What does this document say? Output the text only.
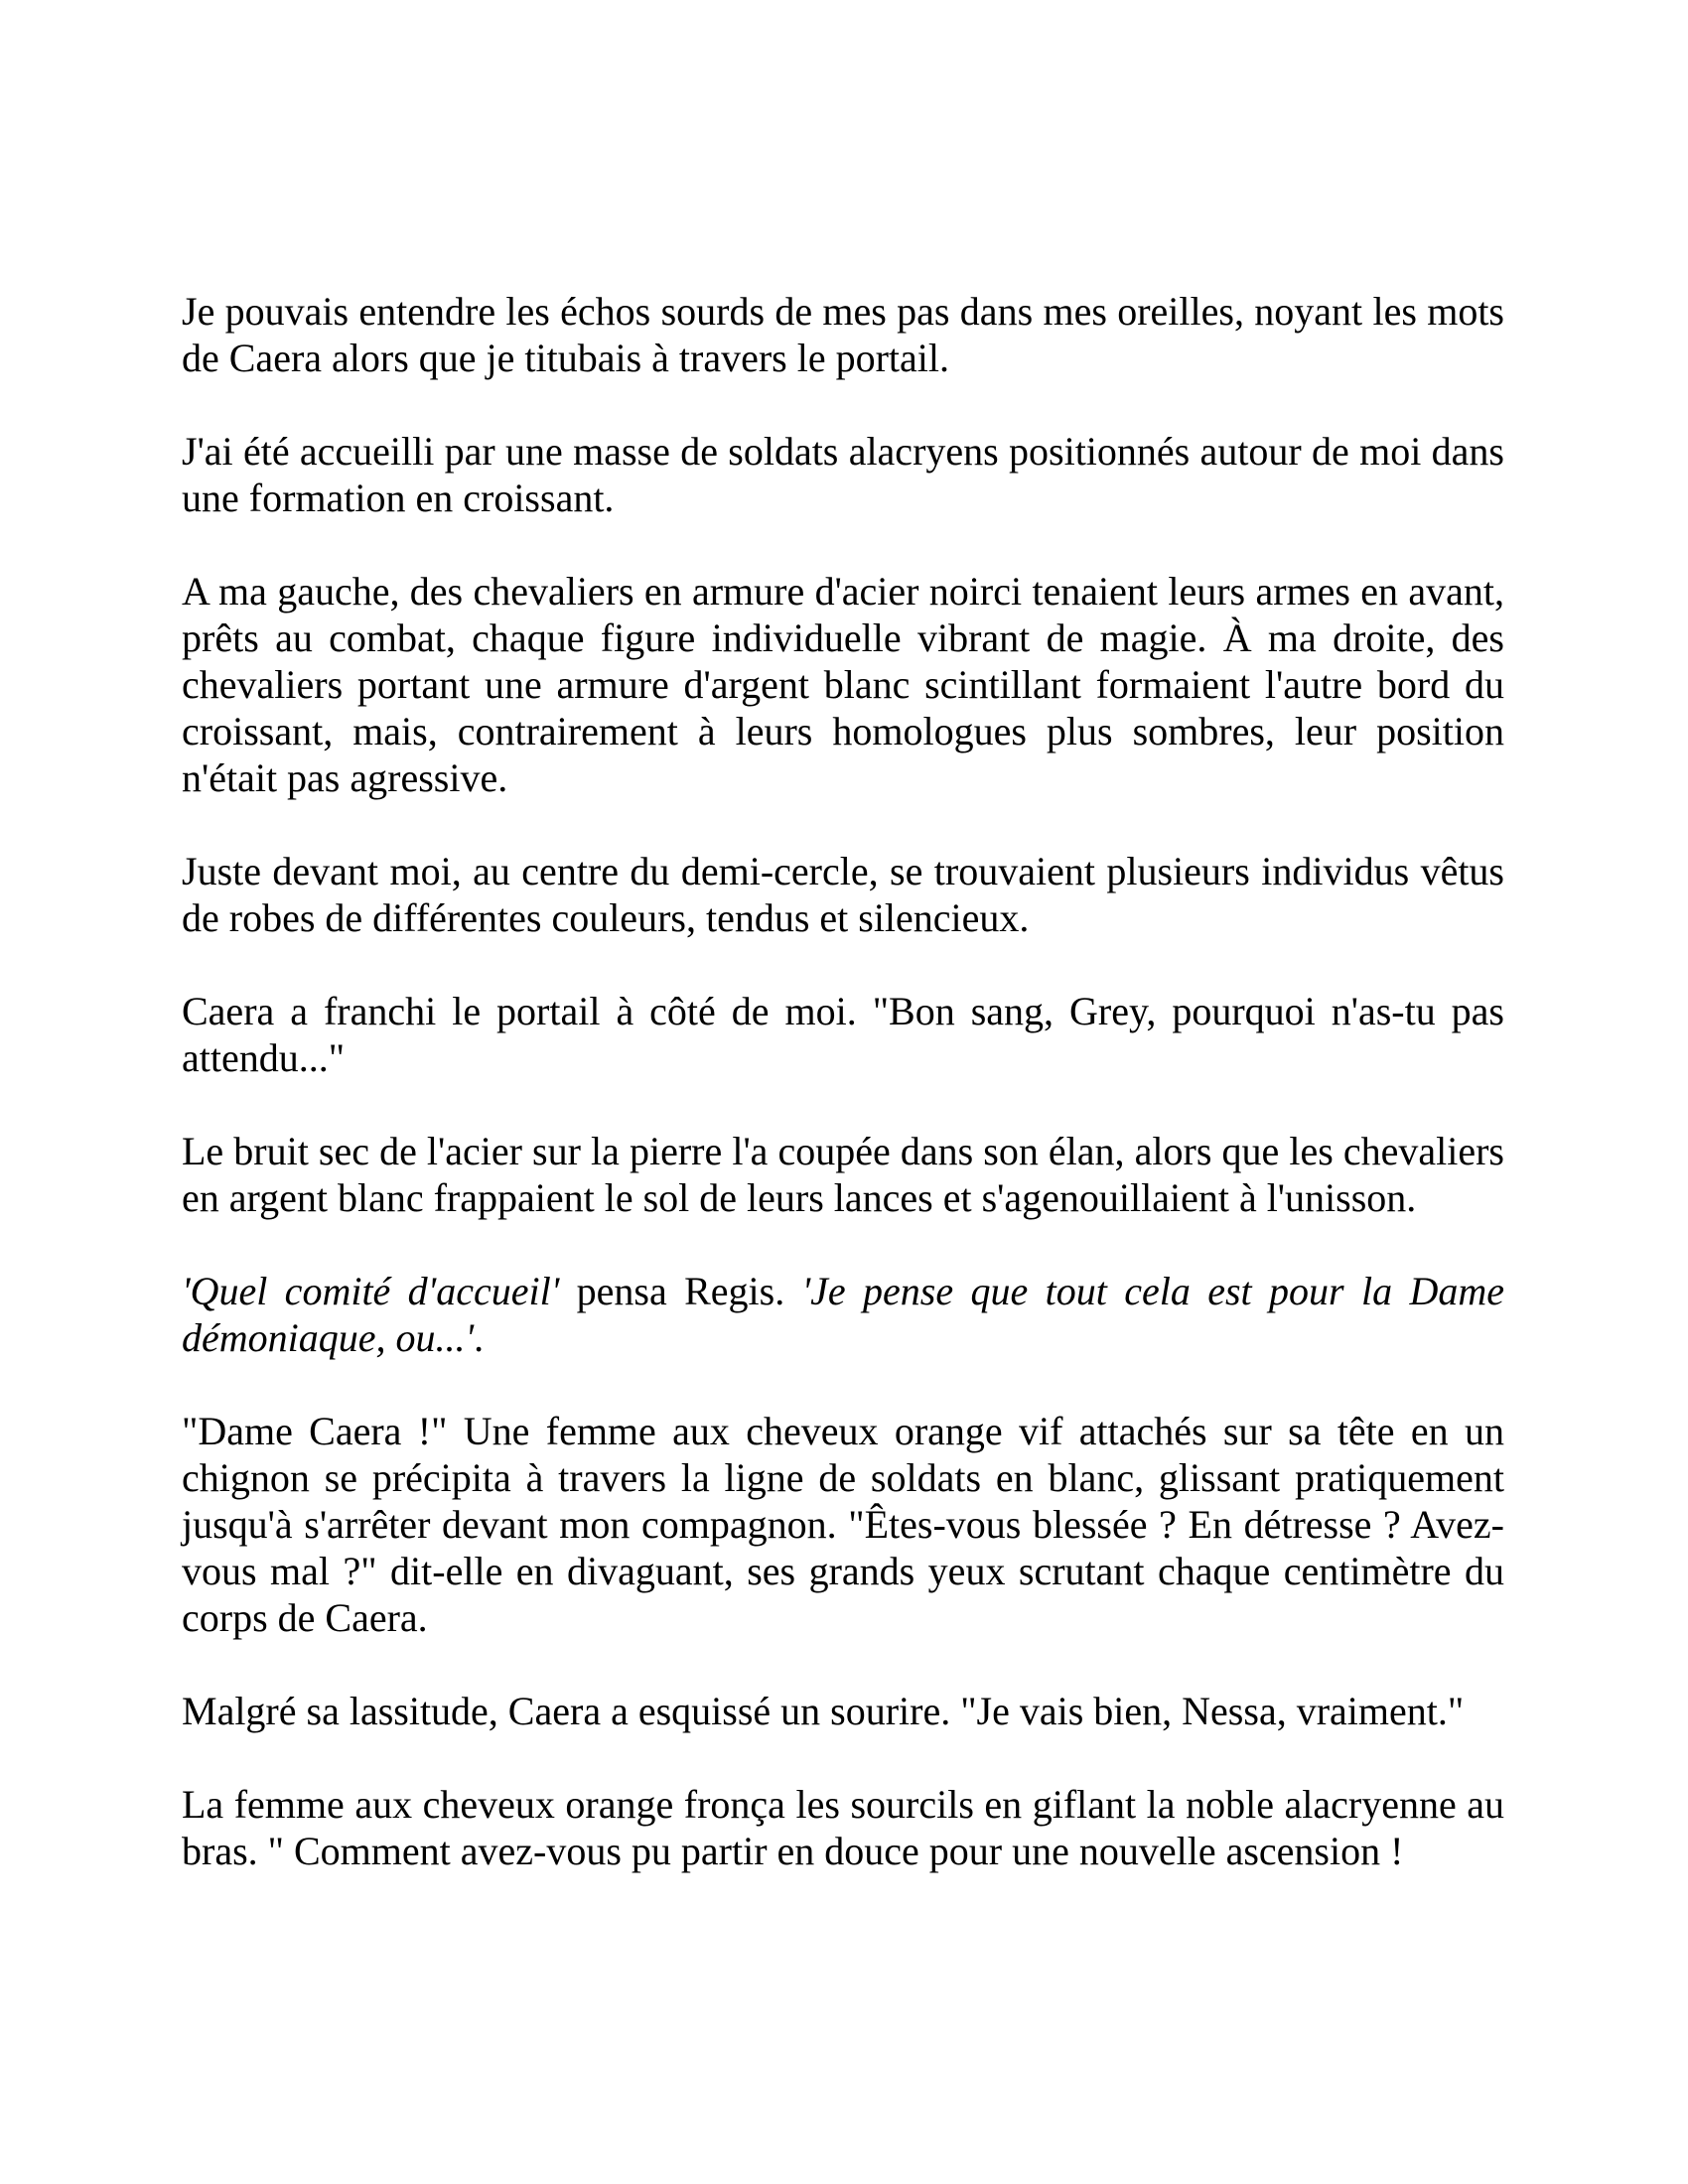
Je pouvais entendre les échos sourds de mes pas dans mes oreilles, noyant les mots de Caera alors que je titubais à travers le portail.

J'ai été accueilli par une masse de soldats alacryens positionnés autour de moi dans une formation en croissant.

A ma gauche, des chevaliers en armure d'acier noirci tenaient leurs armes en avant, prêts au combat, chaque figure individuelle vibrant de magie. À ma droite, des chevaliers portant une armure d'argent blanc scintillant formaient l'autre bord du croissant, mais, contrairement à leurs homologues plus sombres, leur position n'était pas agressive.

Juste devant moi, au centre du demi-cercle, se trouvaient plusieurs individus vêtus de robes de différentes couleurs, tendus et silencieux.

Caera a franchi le portail à côté de moi. "Bon sang, Grey, pourquoi n'as-tu pas attendu..."

Le bruit sec de l'acier sur la pierre l'a coupée dans son élan, alors que les chevaliers en argent blanc frappaient le sol de leurs lances et s'agenouillaient à l'unisson.

'Quel comité d'accueil' pensa Regis. 'Je pense que tout cela est pour la Dame démoniaque, ou...'.

"Dame Caera !" Une femme aux cheveux orange vif attachés sur sa tête en un chignon se précipita à travers la ligne de soldats en blanc, glissant pratiquement jusqu'à s'arrêter devant mon compagnon. "Êtes-vous blessée ? En détresse ? Avez-vous mal ?" dit-elle en divaguant, ses grands yeux scrutant chaque centimètre du corps de Caera.

Malgré sa lassitude, Caera a esquissé un sourire. "Je vais bien, Nessa, vraiment."

La femme aux cheveux orange fronça les sourcils en giflant la noble alacryenne au bras. " Comment avez-vous pu partir en douce pour une nouvelle ascension !
